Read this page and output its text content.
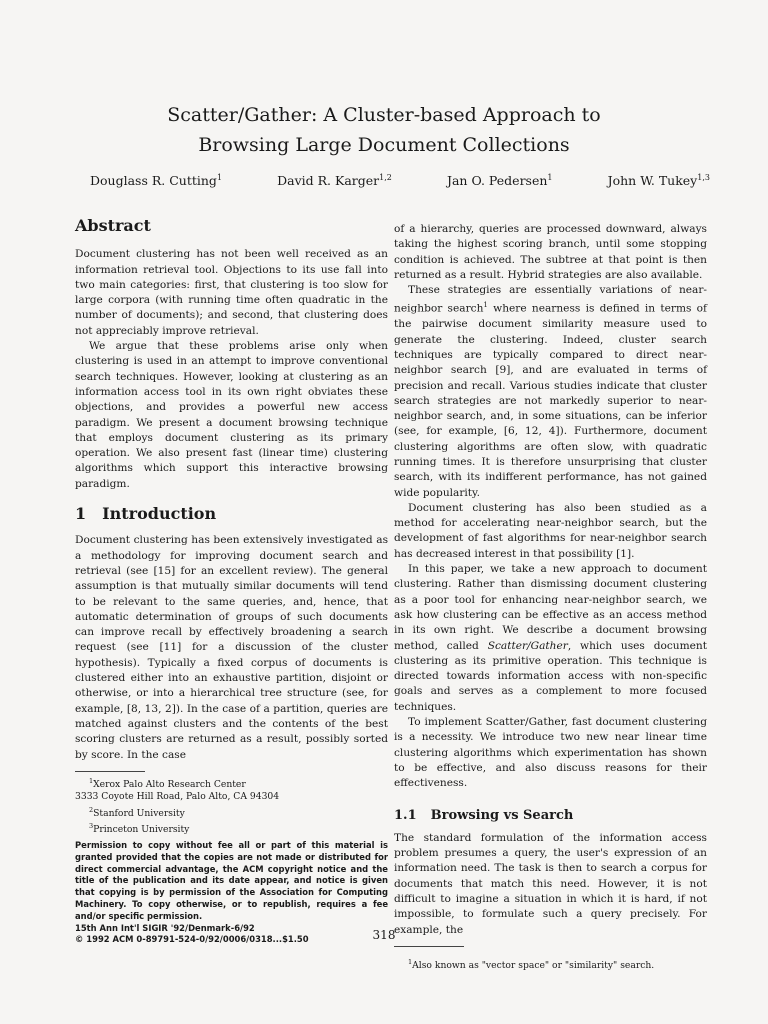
Scatter/Gather: A Cluster-based Approach to
Browsing Large Document Collections
Douglass R. Cutting$^1$	David R. Karger$^{1,2}$	Jan O. Pedersen$^1$	John W. Tukey$^{1,3}$
Abstract

Document clustering has not been well received as an information retrieval tool. Objections to its use fall into two main categories: first, that clustering is too slow for large corpora (with running time often quadratic in the number of documents); and second, that clustering does not appreciably improve retrieval.

We argue that these problems arise only when clustering is used in an attempt to improve conventional search techniques. However, looking at clustering as an information access tool in its own right obviates these objections, and provides a powerful new access paradigm. We present a document browsing technique that employs document clustering as its primary operation. We also present fast (linear time) clustering algorithms which support this interactive browsing paradigm.

1 Introduction

Document clustering has been extensively investigated as a methodology for improving document search and retrieval (see [15] for an excellent review). The general assumption is that mutually similar documents will tend to be relevant to the same queries, and, hence, that automatic determination of groups of such documents can improve recall by effectively broadening a search request (see [11] for a discussion of the cluster hypothesis). Typically a fixed corpus of documents is clustered either into an exhaustive partition, disjoint or otherwise, or into a hierarchical tree structure (see, for example, [8, 13, 2]). In the case of a partition, queries are matched against clusters and the contents of the best scoring clusters are returned as a result, possibly sorted by score. In the case

$^1$Xerox Palo Alto Research Center
3333 Coyote Hill Road, Palo Alto, CA 94304
$^2$Stanford University
$^3$Princeton University
Permission to copy without fee all or part of this material is granted provided that the copies are not made or distributed for direct commercial advantage, the ACM copyright notice and the title of the publication and its date appear, and notice is given that copying is by permission of the Association for Computing Machinery. To copy otherwise, or to republish, requires a fee and/or specific permission.
15th Ann Int'l SIGIR '92/Denmark-6/92
© 1992 ACM 0-89791-524-0/92/0006/0318...$1.50

of a hierarchy, queries are processed downward, always taking the highest scoring branch, until some stopping condition is achieved. The subtree at that point is then returned as a result. Hybrid strategies are also available.

These strategies are essentially variations of near-neighbor search$^1$ where nearness is defined in terms of the pairwise document similarity measure used to generate the clustering. Indeed, cluster search techniques are typically compared to direct near-neighbor search [9], and are evaluated in terms of precision and recall. Various studies indicate that cluster search strategies are not markedly superior to near-neighbor search, and, in some situations, can be inferior (see, for example, [6, 12, 4]). Furthermore, document clustering algorithms are often slow, with quadratic running times. It is therefore unsurprising that cluster search, with its indifferent performance, has not gained wide popularity.

Document clustering has also been studied as a method for accelerating near-neighbor search, but the development of fast algorithms for near-neighbor search has decreased interest in that possibility [1].

In this paper, we take a new approach to document clustering. Rather than dismissing document clustering as a poor tool for enhancing near-neighbor search, we ask how clustering can be effective as an access method in its own right. We describe a document browsing method, called Scatter/Gather, which uses document clustering as its primitive operation. This technique is directed towards information access with non-specific goals and serves as a complement to more focused techniques.

To implement Scatter/Gather, fast document clustering is a necessity. We introduce two new near linear time clustering algorithms which experimentation has shown to be effective, and also discuss reasons for their effectiveness.

1.1 Browsing vs Search

The standard formulation of the information access problem presumes a query, the user's expression of an information need. The task is then to search a corpus for documents that match this need. However, it is not difficult to imagine a situation in which it is hard, if not impossible, to formulate such a query precisely. For example, the

$^1$Also known as "vector space" or "similarity" search.
318
